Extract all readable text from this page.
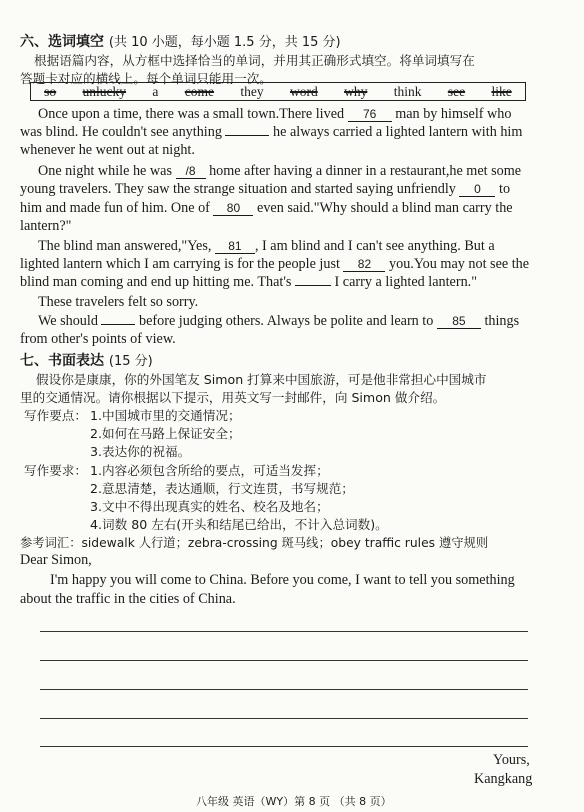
六、选词填空 (共 10 小题，每小题 1.5 分，共 15 分)
根据语篇内容，从方框中选择恰当的单词，并用其正确形式填空。将单词填写在
答题卡对应的横线上。每个单词只能用一次。
so unlucky a come they word why think see like
Once upon a time, there was a small town.There lived 76 man by himself who
was blind. He couldn't see anything	he always carried a lighted lantern with him
whenever he went out at night.
One night while he was /8 home after having a dinner in a restaurant,he met some
young travelers. They saw the strange situation and started saying unfriendly 0 to
him and made fun of him. One of 80 even said."Why should a blind man carry the
lantern?"
The blind man answered,"Yes, 81 , I am blind and I can't see anything. But a
lighted lantern which I am carrying is for the people just 82 you.You may not see the
blind man coming and end up hitting me. That's	I carry a lighted lantern."
These travelers felt so sorry.
We should	before judging others. Always be polite and learn to 85 things
from other's points of view.
七、书面表达 (15 分)
假设你是康康，你的外国笔友 Simon 打算来中国旅游，可是他非常担心中国城市
里的交通情况。请你根据以下提示，用英文写一封邮件，向 Simon 做介绍。
写作要点： 1.中国城市里的交通情况；
2.如何在马路上保证安全；
3.表达你的祝福。
写作要求： 1.内容必须包含所给的要点，可适当发挥；
2.意思清楚，表达通顺，行文连贯，书写规范；
3.文中不得出现真实的姓名、校名及地名；
4.词数 80 左右(开头和结尾已给出，不计入总词数)。
参考词汇：sidewalk 人行道；zebra-crossing 斑马线；obey traffic rules 遵守规则
Dear Simon,
I'm happy you will come to China. Before you come, I want to tell you something
about the traffic in the cities of China.
Yours,
Kangkang
八年级 英语（WY）第 8 页 （共 8 页）
